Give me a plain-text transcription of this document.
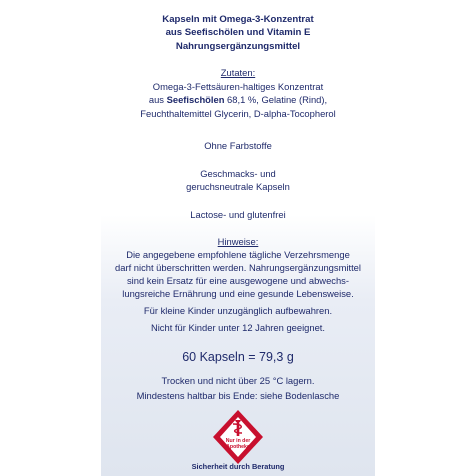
Kapseln mit Omega-3-Konzentrat
aus Seefischölen und Vitamin E
Nahrungsergänzungsmittel
Zutaten:
Omega-3-Fettsäuren-haltiges Konzentrat
aus Seefischölen 68,1 %, Gelatine (Rind),
Feuchthaltemittel Glycerin, D-alpha-Tocopherol
Ohne Farbstoffe
Geschmacks- und
geruchsneutrale Kapseln
Lactose- und glutenfrei
Hinweise:
Die angegebene empfohlene tägliche Verzehrsmenge
darf nicht überschritten werden. Nahrungsergänzungsmittel
sind kein Ersatz für eine ausgewogene und abwechs-
lungsreiche Ernährung und eine gesunde Lebensweise.
Für kleine Kinder unzugänglich aufbewahren.
Nicht für Kinder unter 12 Jahren geeignet.
60 Kapseln = 79,3 g
Trocken und nicht über 25 °C lagern.
Mindestens haltbar bis Ende: siehe Bodenlasche
Nur in der
Apotheke
Sicherheit durch Beratung
